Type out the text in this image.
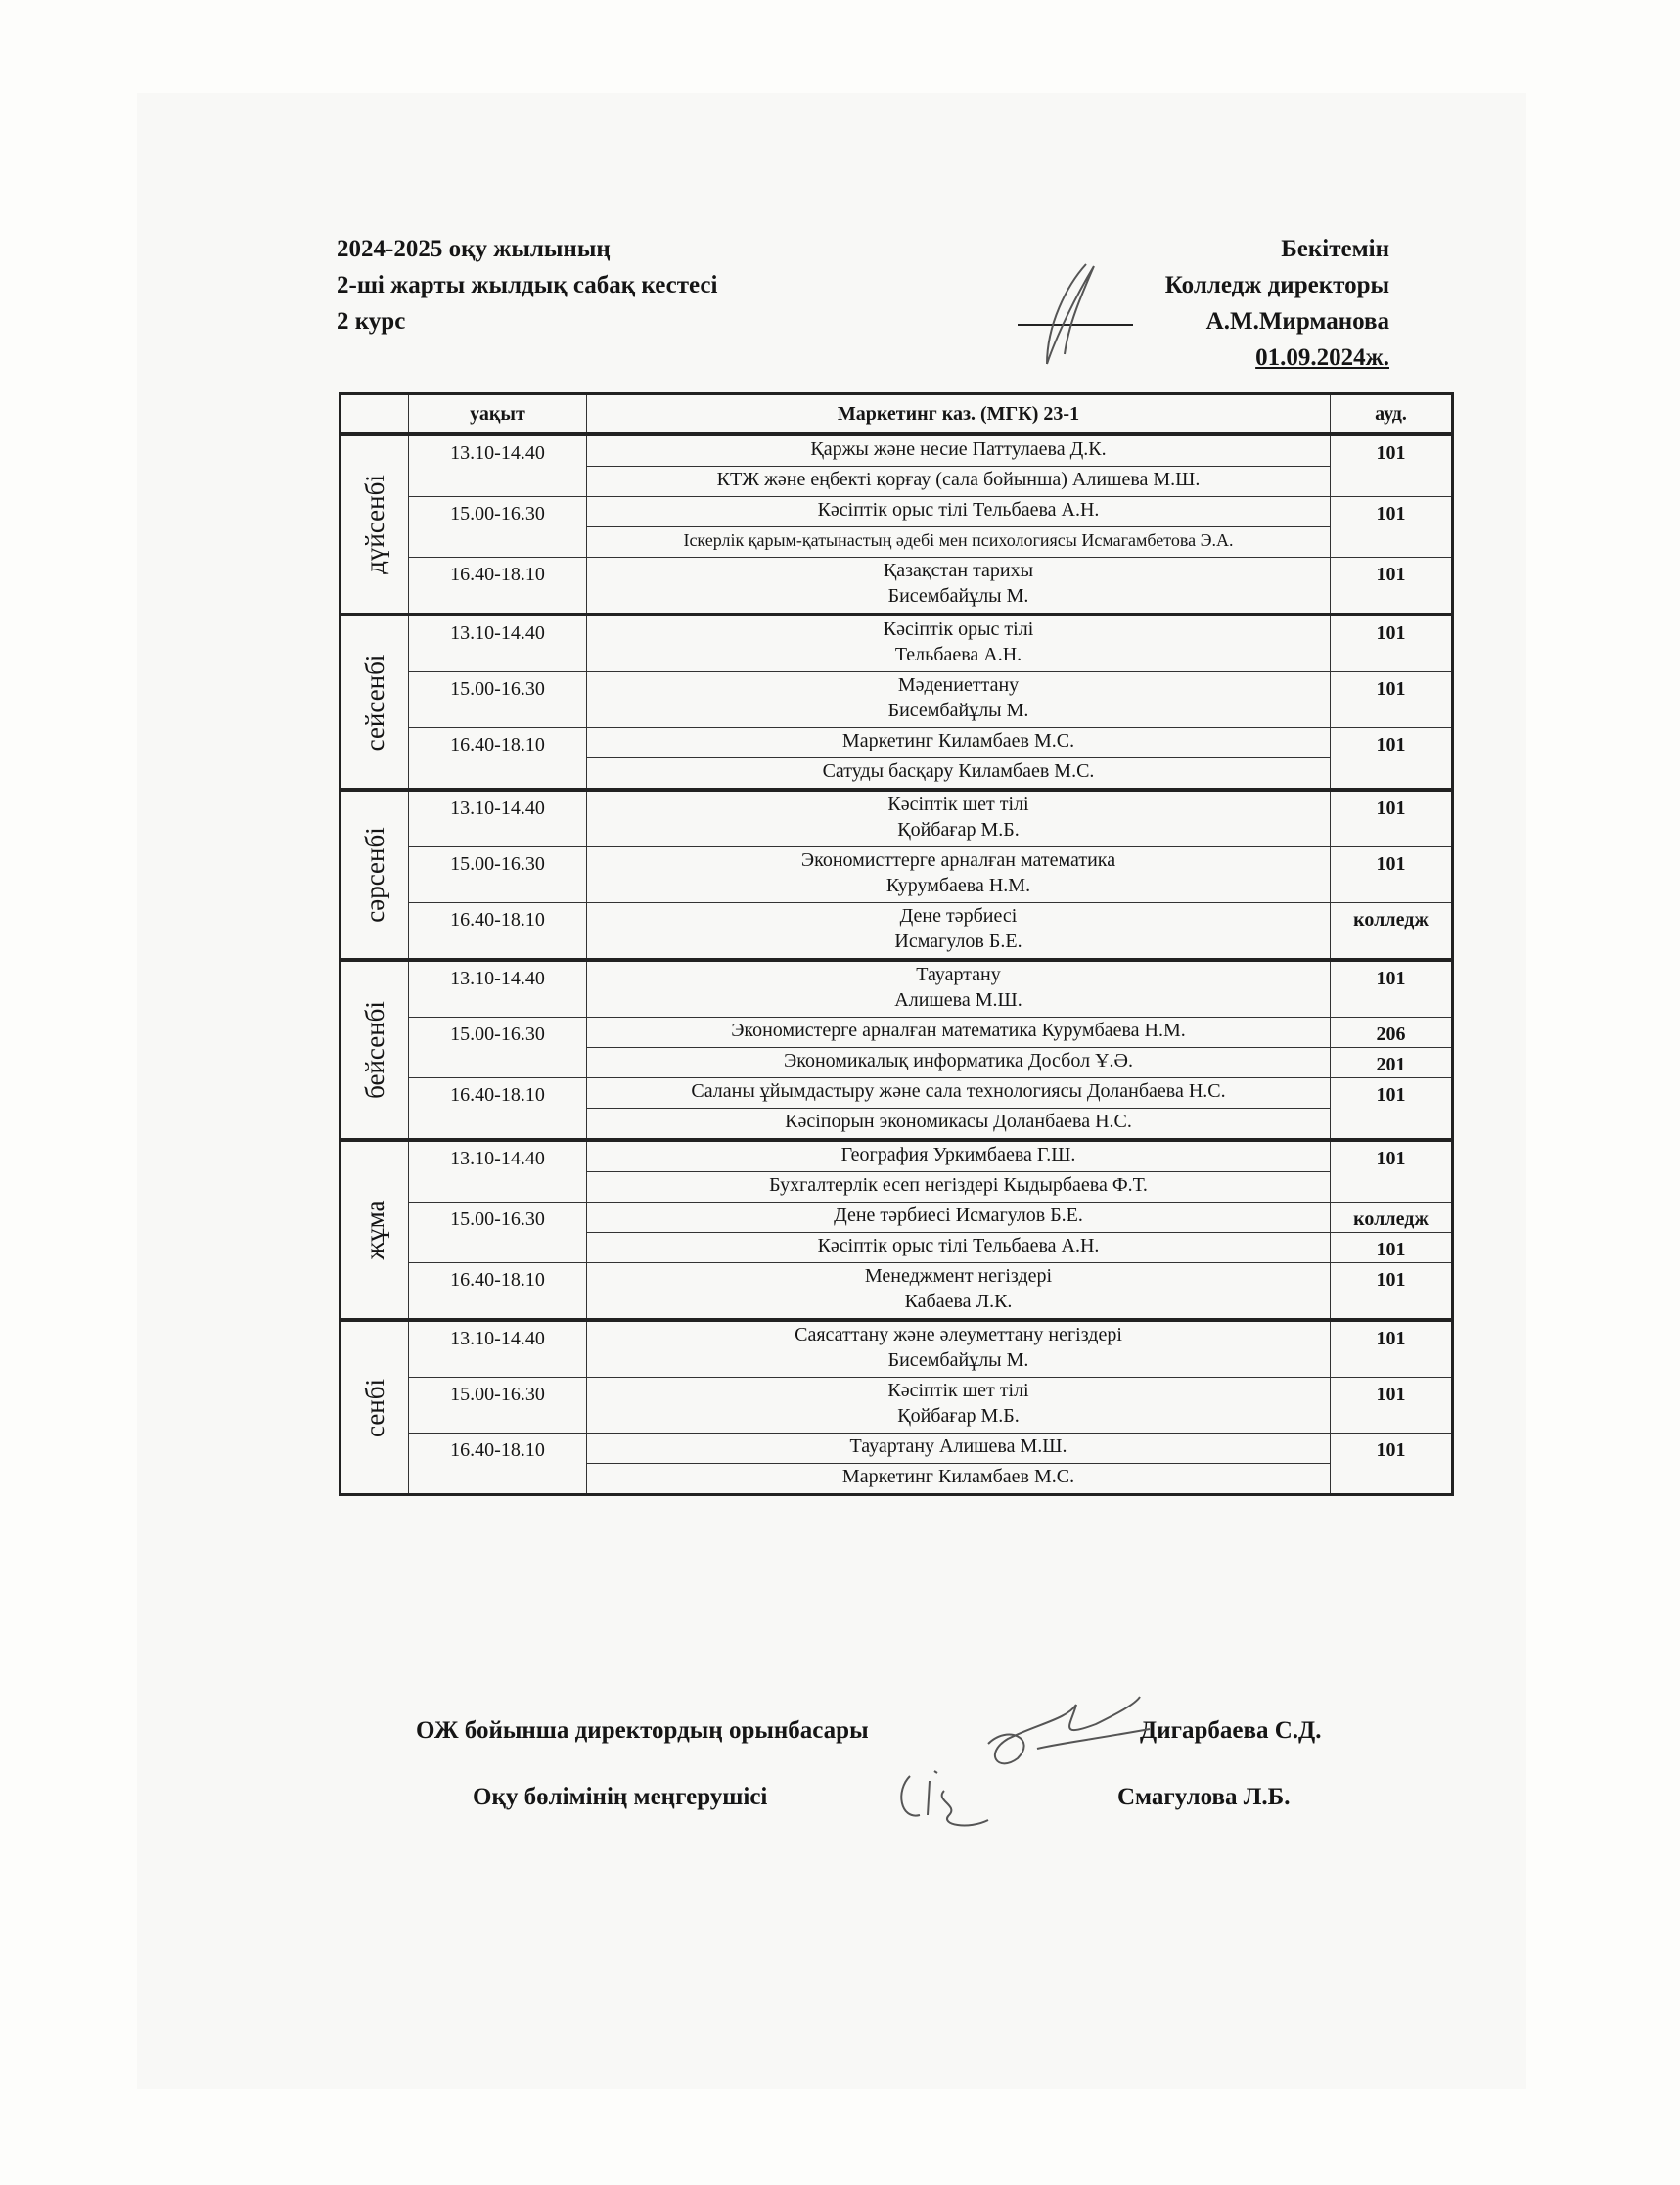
2024-2025 оқу жылының
2-ші жарты жылдық сабақ кестесі
2 курс
Бекітемін
Колледж директоры
А.М.Мирманова
01.09.2024ж.
	уақыт	Маркетинг каз. (МГК) 23-1	ауд.

дүйсенбі	13.10-14.40	Қаржы және несие Паттулаева Д.К.	101

		КТЖ және еңбекті қорғау (сала бойынша) Алишева М.Ш.	

	15.00-16.30	Кәсіптік орыс тілі Тельбаева А.Н.	101

		Іскерлік қарым-қатынастың әдебі мен психологиясы Исмагамбетова Э.А.	

	16.40-18.10	Қазақстан тарихы
Бисембайұлы М.	101

сейсенбі	13.10-14.40	Кәсіптік орыс тілі
Тельбаева А.Н.	101
	15.00-16.30	Мәдениеттану
Бисембайұлы М.	101
	16.40-18.10	Маркетинг Киламбаев М.С.	101

		Сатуды басқару Киламбаев М.С.	

сәрсенбі	13.10-14.40	Кәсіптік шет тілі
Қойбағар М.Б.	101
	15.00-16.30	Экономисттерге арналған математика
Курумбаева Н.М.	101
	16.40-18.10	Дене тәрбиесі
Исмагулов Б.Е.	колледж

бейсенбі	13.10-14.40	Тауартану
Алишева М.Ш.	101
	15.00-16.30	Экономистерге арналған математика Курумбаева Н.М.	206

		Экономикалық информатика Досбол Ұ.Ә.	201
	16.40-18.10	Саланы ұйымдастыру және сала технологиясы Доланбаева Н.С.	101

		Кәсіпорын экономикасы Доланбаева Н.С.	

жұма	13.10-14.40	География Уркимбаева Г.Ш.	101

		Бухгалтерлік есеп негіздері Кыдырбаева Ф.Т.	

	15.00-16.30	Дене тәрбиесі Исмагулов Б.Е.	колледж

		Кәсіптік орыс тілі Тельбаева А.Н.	101
	16.40-18.10	Менеджмент негіздері
Кабаева Л.К.	101

сенбі	13.10-14.40	Саясаттану және әлеуметтану негіздері
Бисембайұлы М.	101
	15.00-16.30	Кәсіптік шет тілі
Қойбағар М.Б.	101
	16.40-18.10	Тауартану Алишева М.Ш.	101

		Маркетинг Киламбаев М.С.	
ОЖ бойынша директордың орынбасары	Дигарбаева С.Д.
Оқу бөлімінің меңгерушісі	Смагулова Л.Б.
